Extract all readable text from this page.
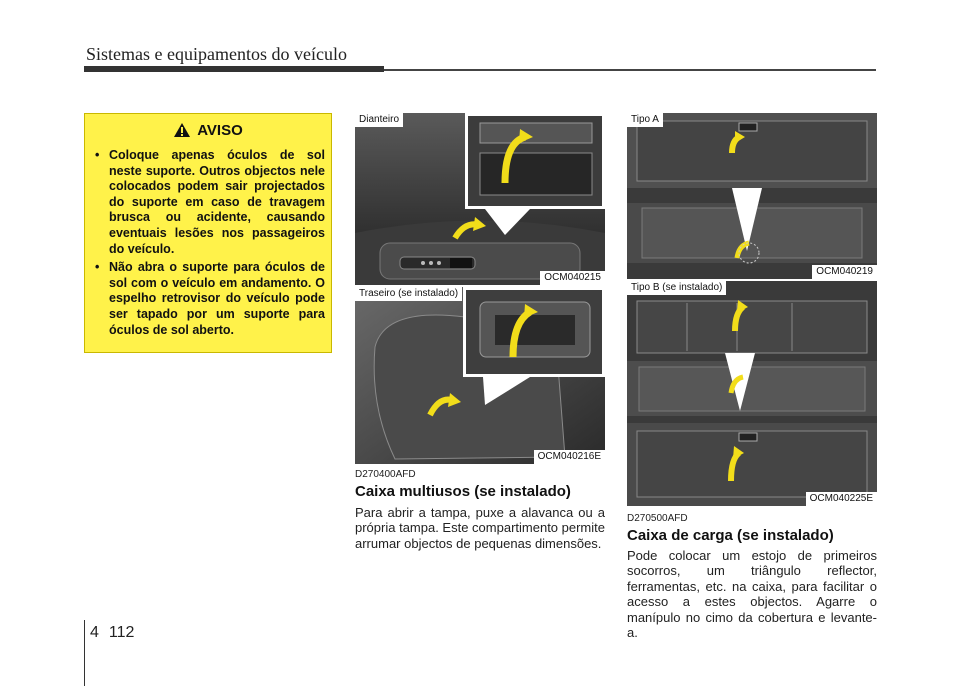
Sistemas e equipamentos do veículo
AVISO
• Coloque apenas óculos de sol neste suporte. Outros objectos nele colocados podem sair projectados do suporte em caso de travagem brusca ou acidente, causando eventuais lesões nos passageiros do veículo.
• Não abra o suporte para óculos de sol com o veículo em andamento. O espelho retrovisor do veículo pode ser tapado por um suporte para óculos de sol aberto.
Dianteiro
OCM040215
Traseiro (se instalado)
OCM040216E
Tipo A
OCM040219
Tipo B (se instalado)
OCM040225E
D270400AFD
Caixa multiusos (se instalado)
Para abrir a tampa, puxe a alavanca ou a própria tampa. Este compartimento permite arrumar objectos de pequenas dimensões.
D270500AFD
Caixa de carga (se instalado)
Pode colocar um estojo de primeiros socorros, um triângulo reflector, ferramentas, etc. na caixa, para facilitar o acesso a estes objectos. Agarre o manípulo no cimo da cobertura e levante-a.
4 112
